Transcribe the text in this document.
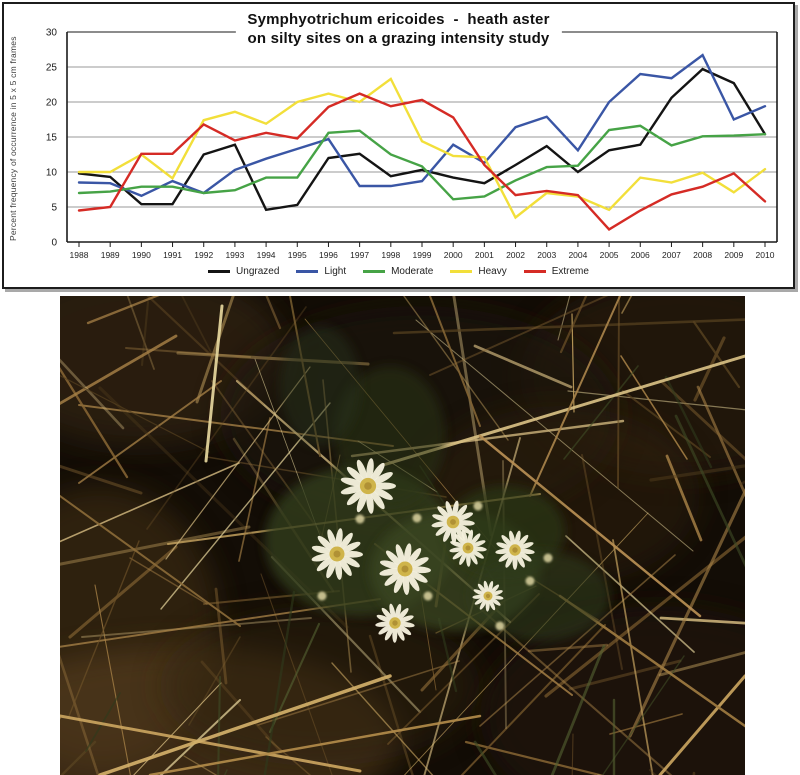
0
5
10
15
20
25
30
1988 1989 1990 1991 1992 1993 1994 1995 1996 1997 1998 1999 2000 2001 2002 2003 2004 2005 2006 2007 2008 2009 2010
Symphyotrichum ericoides  -  heath aster
on silty sites on a grazing intensity study
Percent frequency of occurrence in 5 x 5 cm frames
Ungrazed	Light	Moderate	Heavy	Extreme
